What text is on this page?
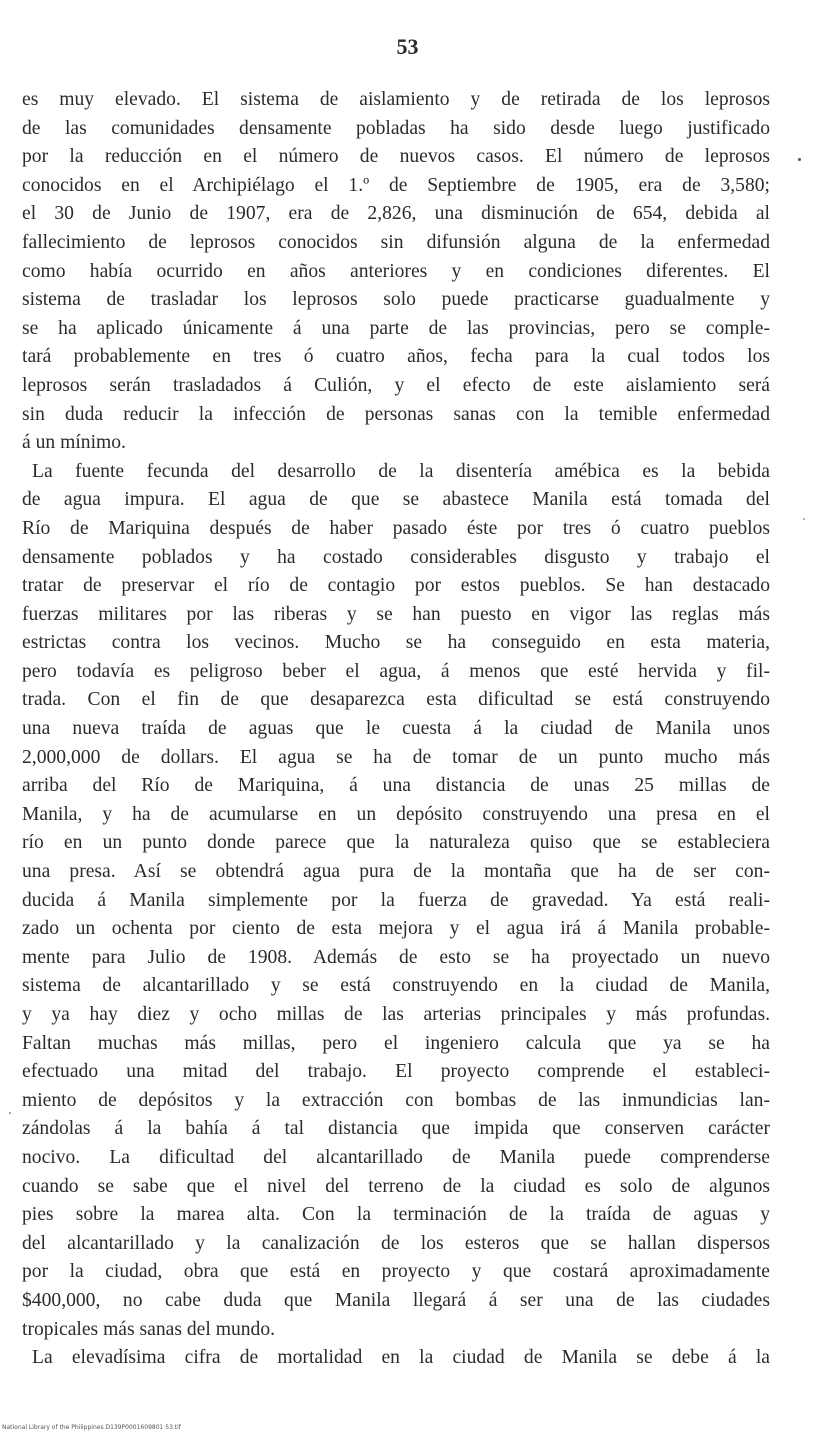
53
es muy elevado. El sistema de aislamiento y de retirada de los leprosos
de las comunidades densamente pobladas ha sido desde luego justificado
por la reducción en el número de nuevos casos. El número de leprosos
conocidos en el Archipiélago el 1.º de Septiembre de 1905, era de 3,580;
el 30 de Junio de 1907, era de 2,826, una disminución de 654, debida al
fallecimiento de leprosos conocidos sin difunsión alguna de la enfermedad
como había ocurrido en años anteriores y en condiciones diferentes. El
sistema de trasladar los leprosos solo puede practicarse guadualmente y
se ha aplicado únicamente á una parte de las provincias, pero se comple-
tará probablemente en tres ó cuatro años, fecha para la cual todos los
leprosos serán trasladados á Culión, y el efecto de este aislamiento será
sin duda reducir la infección de personas sanas con la temible enfermedad
á un mínimo.
La fuente fecunda del desarrollo de la disentería amébica es la bebida
de agua impura. El agua de que se abastece Manila está tomada del
Río de Mariquina después de haber pasado éste por tres ó cuatro pueblos
densamente poblados y ha costado considerables disgusto y trabajo el
tratar de preservar el río de contagio por estos pueblos. Se han destacado
fuerzas militares por las riberas y se han puesto en vigor las reglas más
estrictas contra los vecinos. Mucho se ha conseguido en esta materia,
pero todavía es peligroso beber el agua, á menos que esté hervida y fil-
trada. Con el fin de que desaparezca esta dificultad se está construyendo
una nueva traída de aguas que le cuesta á la ciudad de Manila unos
2,000,000 de dollars. El agua se ha de tomar de un punto mucho más
arriba del Río de Mariquina, á una distancia de unas 25 millas de
Manila, y ha de acumularse en un depósito construyendo una presa en el
río en un punto donde parece que la naturaleza quiso que se estableciera
una presa. Así se obtendrá agua pura de la montaña que ha de ser con-
ducida á Manila simplemente por la fuerza de gravedad. Ya está reali-
zado un ochenta por ciento de esta mejora y el agua irá á Manila probable-
mente para Julio de 1908. Además de esto se ha proyectado un nuevo
sistema de alcantarillado y se está construyendo en la ciudad de Manila,
y ya hay diez y ocho millas de las arterias principales y más profundas.
Faltan muchas más millas, pero el ingeniero calcula que ya se ha
efectuado una mitad del trabajo. El proyecto comprende el estableci-
miento de depósitos y la extracción con bombas de las inmundicias lan-
zándolas á la bahía á tal distancia que impida que conserven carácter
nocivo. La dificultad del alcantarillado de Manila puede comprenderse
cuando se sabe que el nivel del terreno de la ciudad es solo de algunos
pies sobre la marea alta. Con la terminación de la traída de aguas y
del alcantarillado y la canalización de los esteros que se hallan dispersos
por la ciudad, obra que está en proyecto y que costará aproximadamente
$400,000, no cabe duda que Manila llegará á ser una de las ciudades
tropicales más sanas del mundo.
La elevadísima cifra de mortalidad en la ciudad de Manila se debe á la
National Library of the Philippines D139P0001609801·53.tif
